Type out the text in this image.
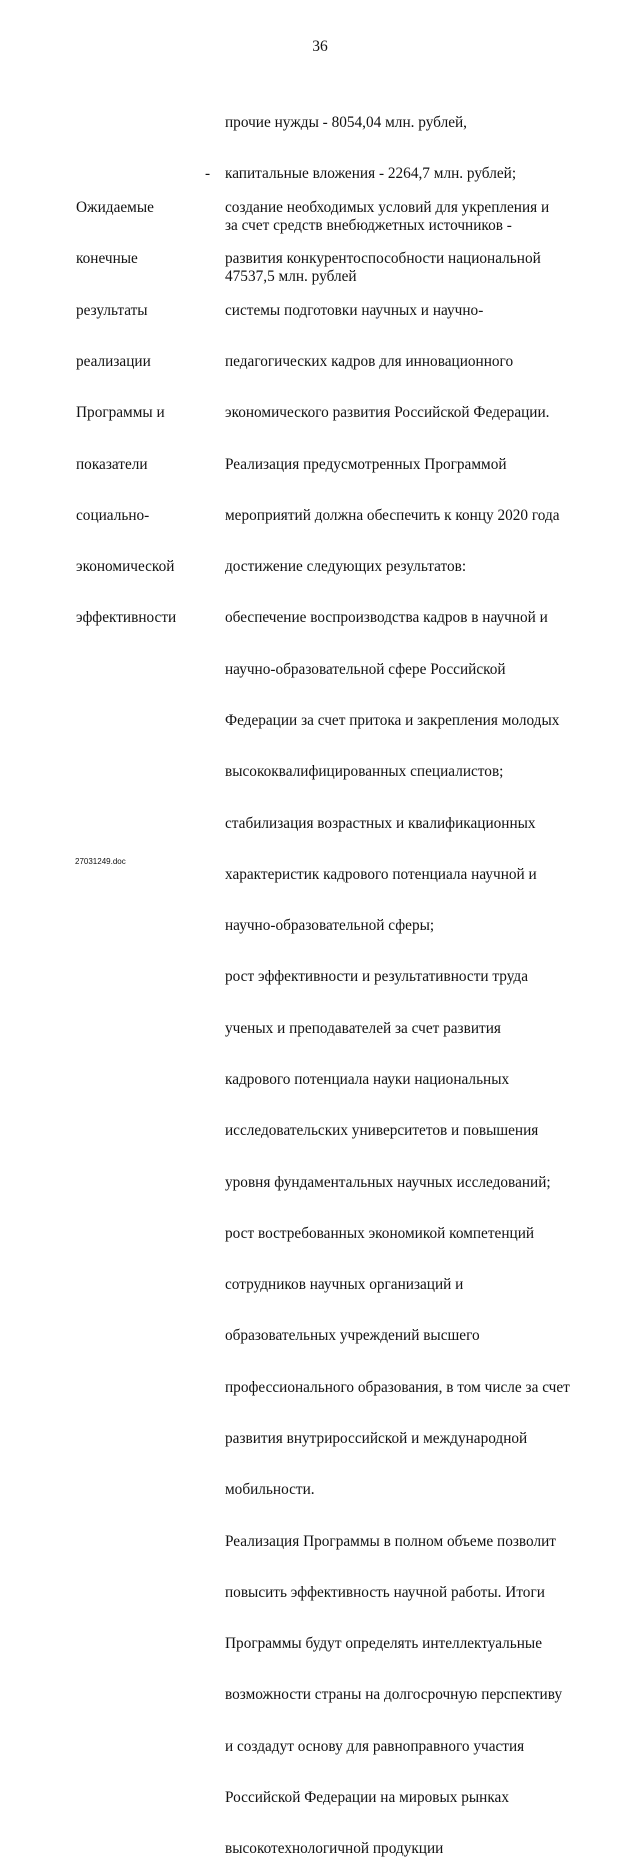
36

прочие нужды - 8054,04 млн. рублей,

капитальные вложения - 2264,7 млн. рублей;

за счет средств внебюджетных источников -

47537,5 млн. рублей

Ожидаемые

конечные

результаты

реализации

Программы и

показатели

социально-

экономической

эффективности

-

создание необходимых условий для укрепления и

развития конкурентоспособности национальной

системы подготовки научных и научно-

педагогических кадров для инновационного

экономического развития Российской Федерации.

Реализация предусмотренных Программой

мероприятий должна обеспечить к концу 2020 года

достижение следующих результатов:

обеспечение воспроизводства кадров в научной и

научно-образовательной сфере Российской

Федерации за счет притока и закрепления молодых

высококвалифицированных специалистов;

стабилизация возрастных и квалификационных

характеристик кадрового потенциала научной и

научно-образовательной сферы;

рост эффективности и результативности труда

ученых и преподавателей за счет развития

кадрового потенциала науки национальных

исследовательских университетов и повышения

уровня фундаментальных научных исследований;

рост востребованных экономикой компетенций

сотрудников научных организаций и

образовательных учреждений высшего

профессионального образования, в том числе за счет

развития внутрироссийской и международной

мобильности.

Реализация Программы в полном объеме позволит

повысить эффективность научной работы. Итоги

Программы будут определять интеллектуальные

возможности страны на долгосрочную перспективу

и создадут основу для равноправного участия

Российской Федерации на мировых рынках

высокотехнологичной продукции

27031249.doc
